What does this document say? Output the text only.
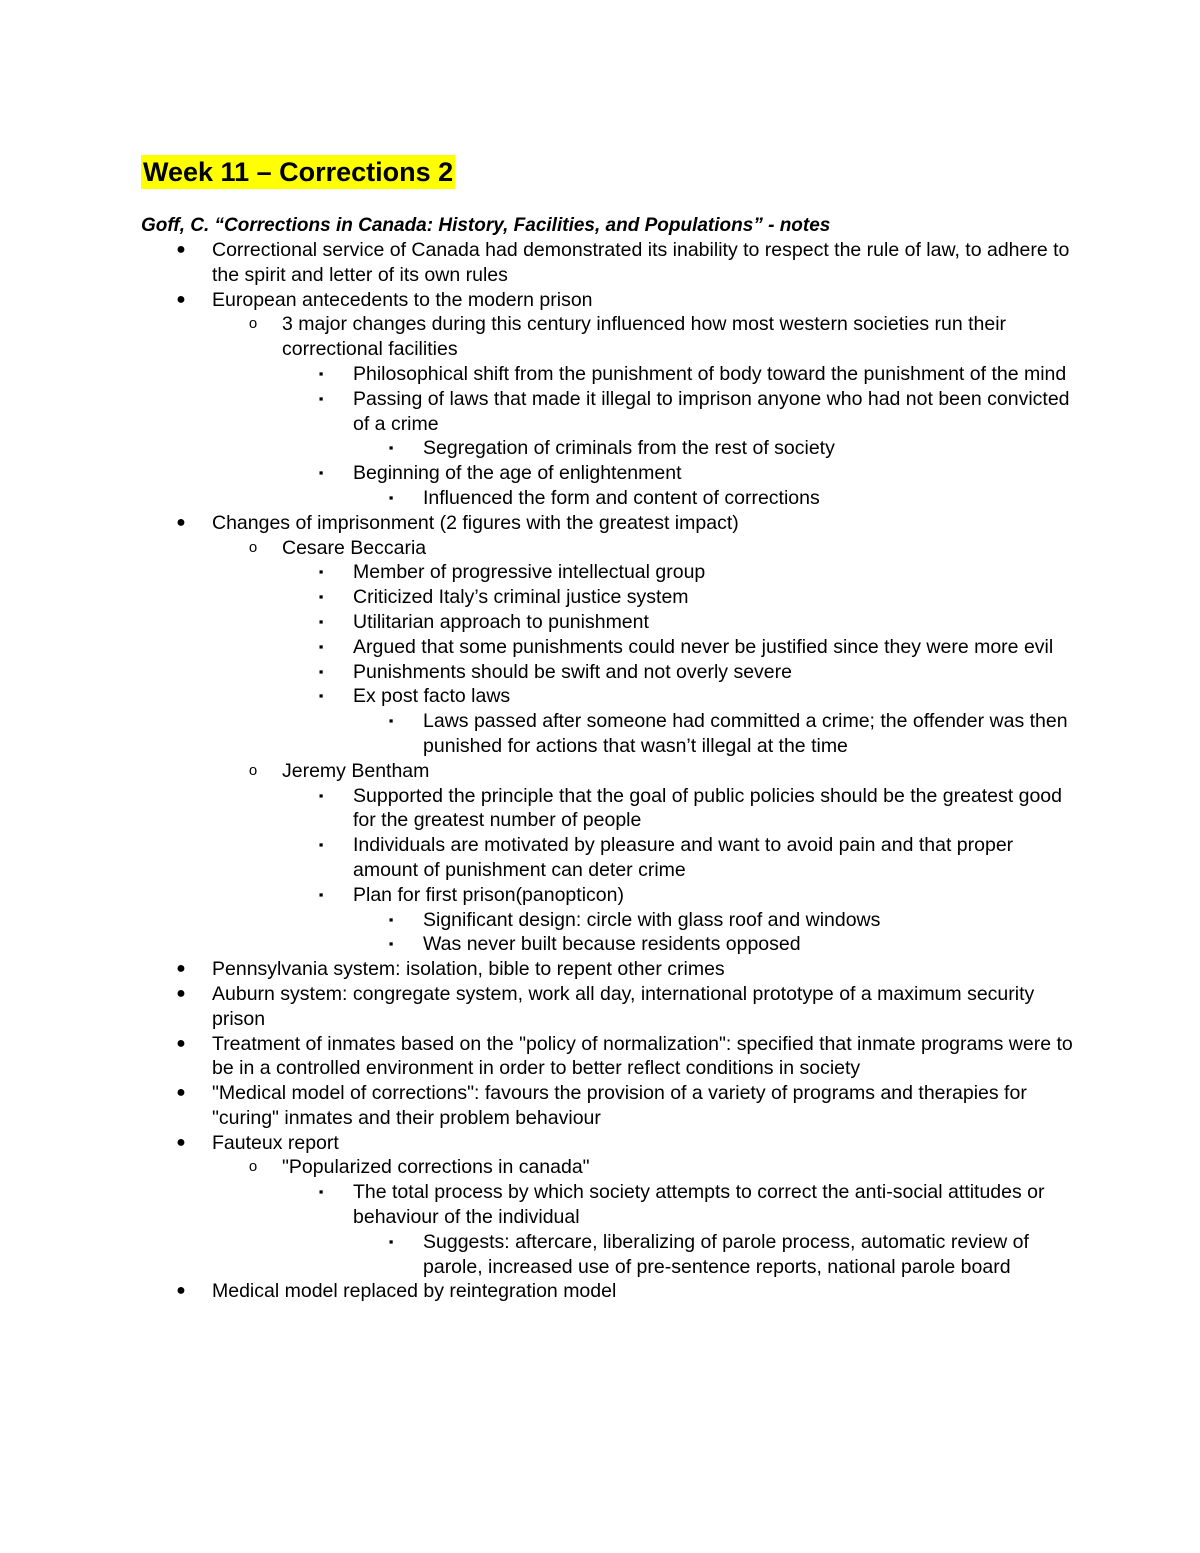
Week 11 – Corrections 2
Goff, C. “Corrections in Canada: History, Facilities, and Populations” - notes
●	Correctional service of Canada had demonstrated its inability to respect the rule of law, to adhere to the spirit and letter of its own rules
●	European antecedents to the modern prison
o	3 major changes during this century influenced how most western societies run their correctional facilities
▪	Philosophical shift from the punishment of body toward the punishment of the mind
▪	Passing of laws that made it illegal to imprison anyone who had not been convicted of a crime
▪	Segregation of criminals from the rest of society
▪	Beginning of the age of enlightenment
▪	Influenced the form and content of corrections
●	Changes of imprisonment (2 figures with the greatest impact)
o	Cesare Beccaria
▪	Member of progressive intellectual group
▪	Criticized Italy’s criminal justice system
▪	Utilitarian approach to punishment
▪	Argued that some punishments could never be justified since they were more evil
▪	Punishments should be swift and not overly severe
▪	Ex post facto laws
▪	Laws passed after someone had committed a crime; the offender was then punished for actions that wasn’t illegal at the time
o	Jeremy Bentham
▪	Supported the principle that the goal of public policies should be the greatest good for the greatest number of people
▪	Individuals are motivated by pleasure and want to avoid pain and that proper amount of punishment can deter crime
▪	Plan for first prison(panopticon)
▪	Significant design: circle with glass roof and windows
▪	Was never built because residents opposed
●	Pennsylvania system: isolation, bible to repent other crimes
●	Auburn system: congregate system, work all day, international prototype of a maximum security prison
●	Treatment of inmates based on the "policy of normalization": specified that inmate programs were to be in a controlled environment in order to better reflect conditions in society
●	"Medical model of corrections": favours the provision of a variety of programs and therapies for "curing" inmates and their problem behaviour
●	Fauteux report
o	"Popularized corrections in canada"
▪	The total process by which society attempts to correct the anti-social attitudes or behaviour of the individual
▪	Suggests: aftercare, liberalizing of parole process, automatic review of parole, increased use of pre-sentence reports, national parole board
●	Medical model replaced by reintegration model
